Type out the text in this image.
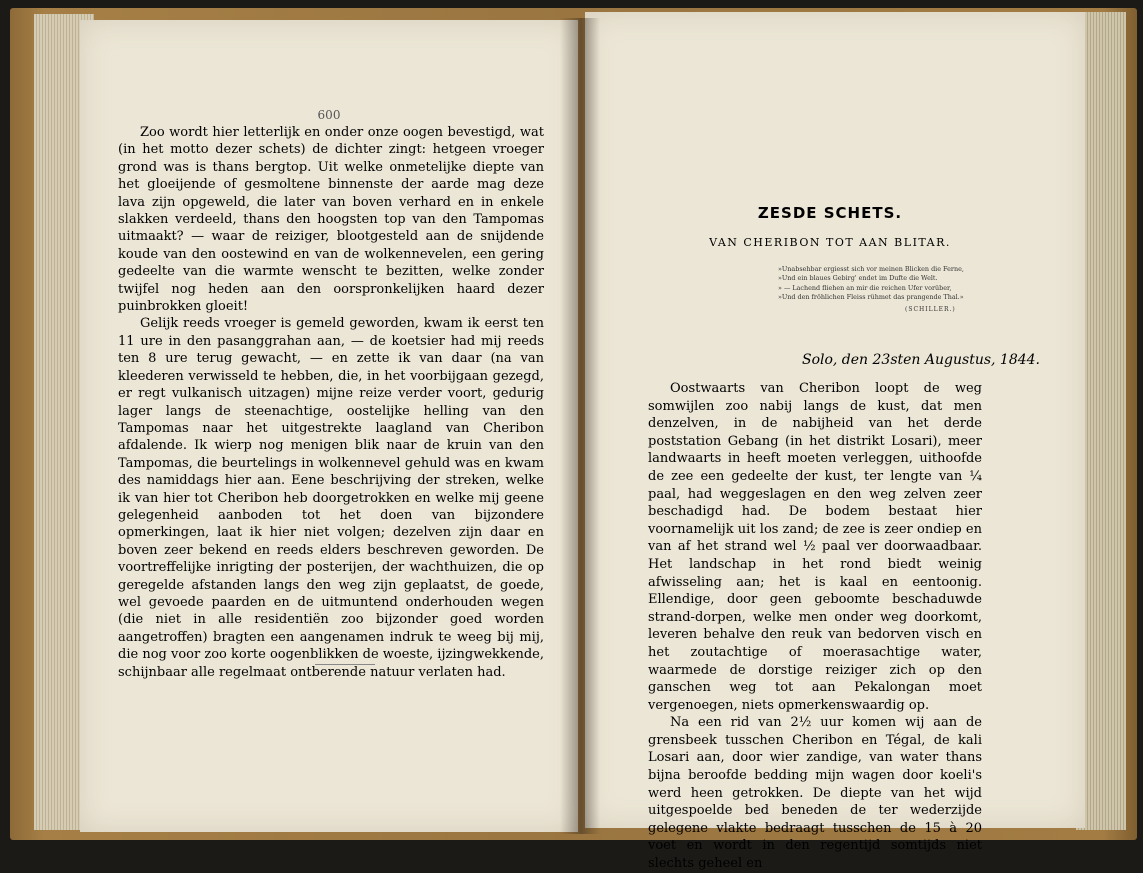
600

Zoo wordt hier letterlijk en onder onze oogen bevestigd, wat (in het motto dezer schets) de dichter zingt: hetgeen vroeger grond was is thans bergtop. Uit welke onmetelijke diepte van het gloeijende of gesmoltene binnenste der aarde mag deze lava zijn opgeweld, die later van boven verhard en in enkele slakken verdeeld, thans den hoogsten top van den Tampomas uitmaakt? — waar de reiziger, blootgesteld aan de snijdende koude van den oostewind en van de wolkennevelen, een gering gedeelte van die warmte wenscht te bezitten, welke zonder twijfel nog heden aan den oorspronkelijken haard dezer puinbrokken gloeit!

Gelijk reeds vroeger is gemeld geworden, kwam ik eerst ten 11 ure in den pasanggrahan aan, — de koetsier had mij reeds ten 8 ure terug gewacht, — en zette ik van daar (na van kleederen verwisseld te hebben, die, in het voorbijgaan gezegd, er regt vulkanisch uitzagen) mijne reize verder voort, gedurig lager langs de steenachtige, oostelijke helling van den Tampomas naar het uitgestrekte laagland van Cheribon afdalende. Ik wierp nog menigen blik naar de kruin van den Tampomas, die beurtelings in wolkennevel gehuld was en kwam des namiddags hier aan. Eene beschrijving der streken, welke ik van hier tot Cheribon heb doorgetrokken en welke mij geene gelegenheid aanboden tot het doen van bijzondere opmerkingen, laat ik hier niet volgen; dezelven zijn daar en boven zeer bekend en reeds elders beschreven geworden. De voortreffelijke inrigting der posterijen, der wachthuizen, die op geregelde afstanden langs den weg zijn geplaatst, de goede, wel gevoede paarden en de uitmuntend onderhouden wegen (die niet in alle residentiën zoo bijzonder goed worden aangetroffen) bragten een aangenamen indruk te weeg bij mij, die nog voor zoo korte oogenblikken de woeste, ijzingwekkende, schijnbaar alle regelmaat ontberende natuur verlaten had.

ZESDE SCHETS.
VAN CHERIBON TOT AAN BLITAR.
»Unabsehbar ergiesst sich vor meinen Blicken die Ferne,
»Und ein blaues Gebirg' endet im Dufte die Welt.
» — Lachend fliehen an mir die reichen Ufer vorüber,
»Und den fröhlichen Fleiss rühmet das prangende Thal.»
(SCHILLER.)
Solo, den 23sten Augustus, 1844.

Oostwaarts van Cheribon loopt de weg somwijlen zoo nabij langs de kust, dat men denzelven, in de nabijheid van het derde poststation Gebang (in het distrikt Losari), meer landwaarts in heeft moeten verleggen, uithoofde de zee een gedeelte der kust, ter lengte van ¼ paal, had weggeslagen en den weg zelven zeer beschadigd had. De bodem bestaat hier voornamelijk uit los zand; de zee is zeer ondiep en van af het strand wel ½ paal ver doorwaadbaar. Het landschap in het rond biedt weinig afwisseling aan; het is kaal en eentoonig. Ellendige, door geen geboomte beschaduwde strand-dorpen, welke men onder weg doorkomt, leveren behalve den reuk van bedorven visch en het zoutachtige of moerasachtige water, waarmede de dorstige reiziger zich op den ganschen weg tot aan Pekalongan moet vergenoegen, niets opmerkenswaardig op.

Na een rid van 2½ uur komen wij aan de grensbeek tusschen Cheribon en Tégal, de kali Losari aan, door wier zandige, van water thans bijna beroofde bedding mijn wagen door koeli's werd heen getrokken. De diepte van het wijd uitgespoelde bed beneden de ter wederzijde gelegene vlakte bedraagt tusschen de 15 à 20 voet en wordt in den regentijd somtijds niet slechts geheel en
